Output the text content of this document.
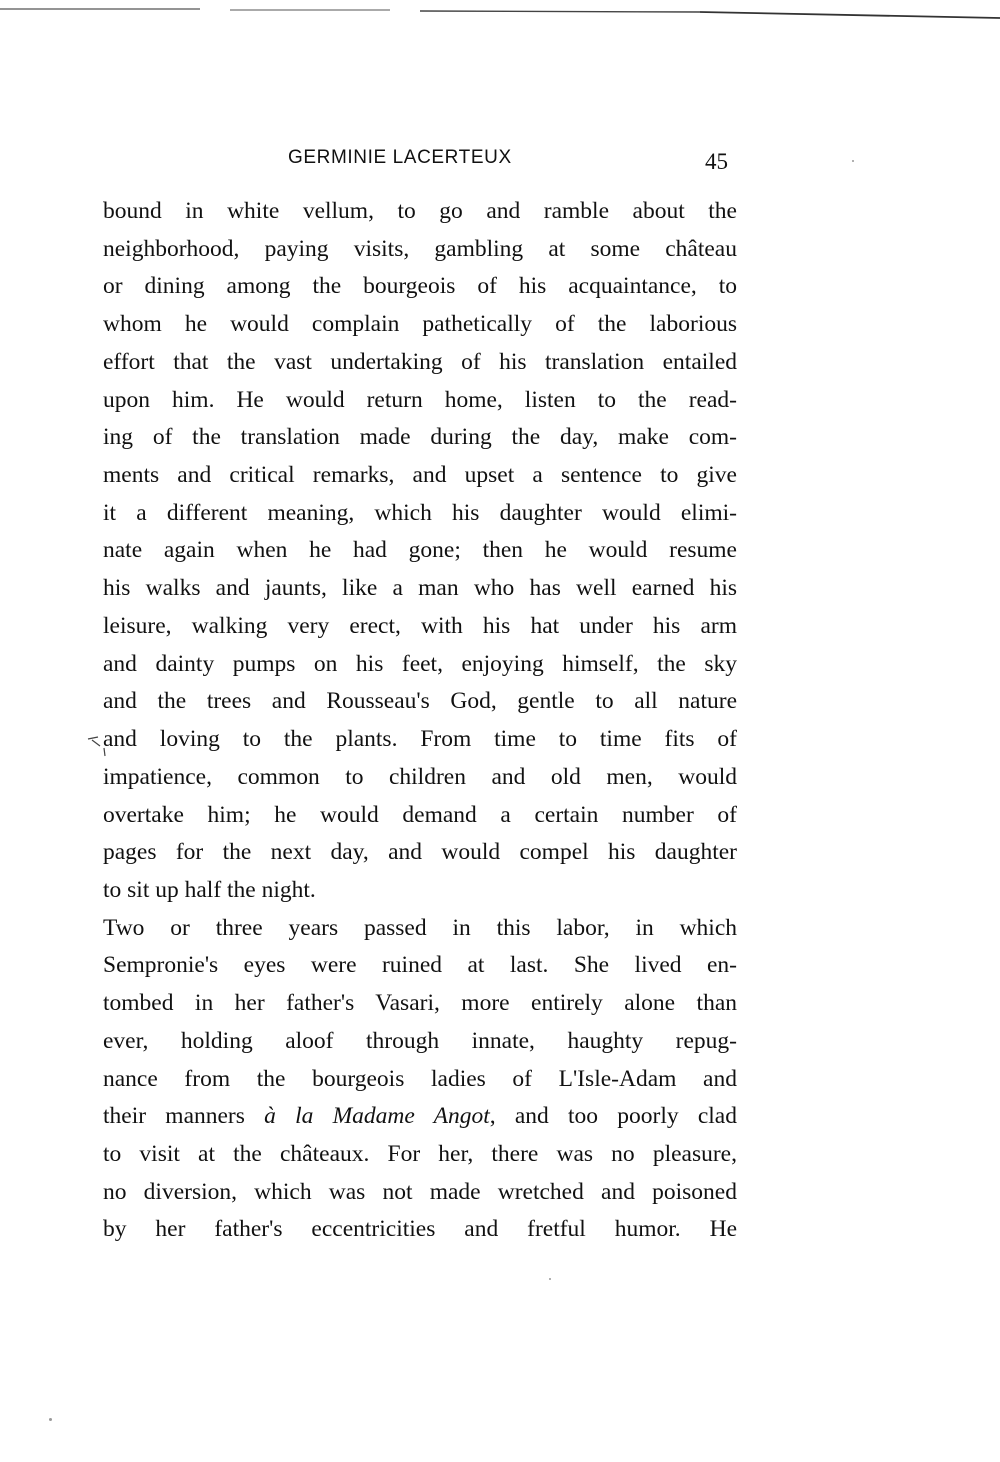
GERMINIE LACERTEUX	45
bound in white vellum, to go and ramble about the
neighborhood, paying visits, gambling at some château
or dining among the bourgeois of his acquaintance, to
whom he would complain pathetically of the laborious
effort that the vast undertaking of his translation entailed
upon him. He would return home, listen to the read-
ing of the translation made during the day, make com-
ments and critical remarks, and upset a sentence to give
it a different meaning, which his daughter would elimi-
nate again when he had gone; then he would resume
his walks and jaunts, like a man who has well earned his
leisure, walking very erect, with his hat under his arm
and dainty pumps on his feet, enjoying himself, the sky
and the trees and Rousseau's God, gentle to all nature
and loving to the plants. From time to time fits of
impatience, common to children and old men, would
overtake him; he would demand a certain number of
pages for the next day, and would compel his daughter
to sit up half the night.
Two or three years passed in this labor, in which
Sempronie's eyes were ruined at last. She lived en-
tombed in her father's Vasari, more entirely alone than
ever, holding aloof through innate, haughty repug-
nance from the bourgeois ladies of L'Isle-Adam and
their manners à la Madame Angot, and too poorly clad
to visit at the châteaux. For her, there was no pleasure,
no diversion, which was not made wretched and poisoned
by her father's eccentricities and fretful humor. He
